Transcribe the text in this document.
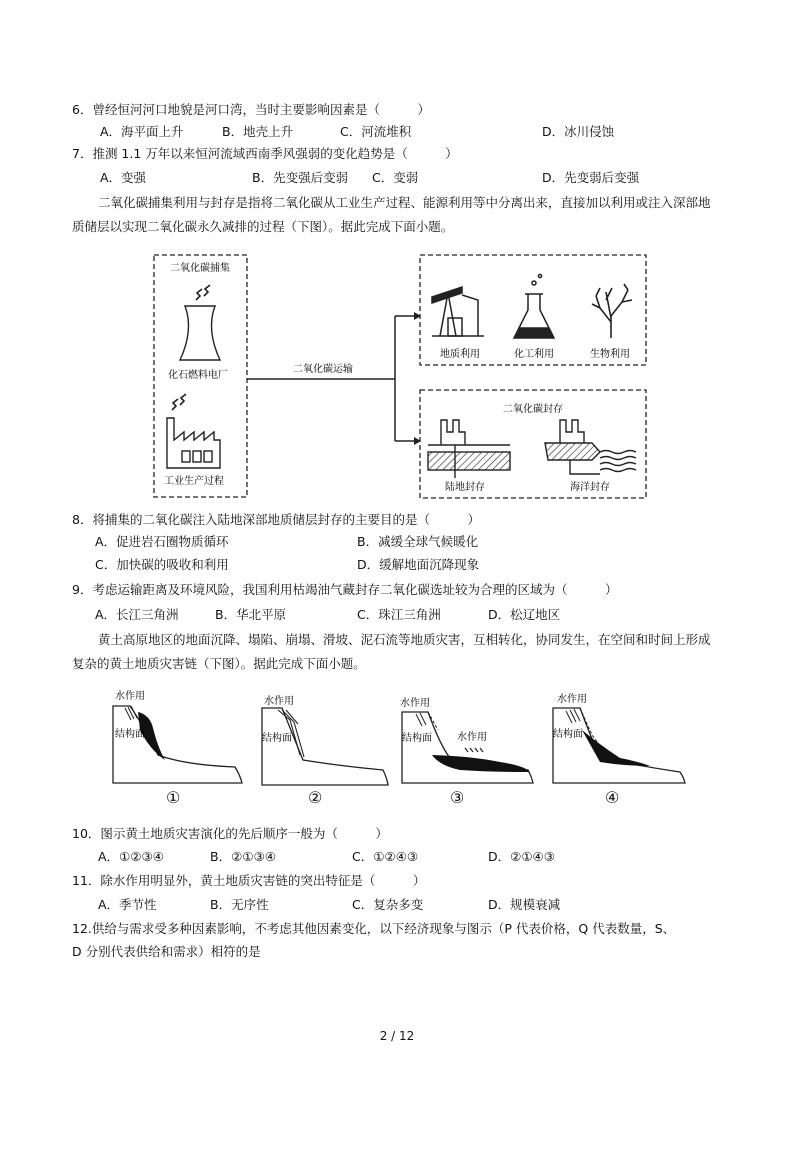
6．曾经恒河河口地貌是河口湾，当时主要影响因素是（　　　）
A．海平面上升	B．地壳上升	C．河流堆积	D．冰川侵蚀
7．推测 1.1 万年以来恒河流域西南季风强弱的变化趋势是（　　　）
A．变强	B．先变强后变弱 C．变弱	D．先变弱后变强
二氧化碳捕集利用与封存是指将二氧化碳从工业生产过程、能源利用等中分离出来，直接加以利用或注入深部地质储层以实现二氧化碳永久减排的过程（下图）。据此完成下面小题。
二氧化碳捕集
化石燃料电厂
工业生产过程
二氧化碳运输
地质利用	化工利用	生物利用
二氧化碳封存
陆地封存	海洋封存
8．将捕集的二氧化碳注入陆地深部地质储层封存的主要目的是（　　　）
A．促进岩石圈物质循环	B．减缓全球气候暖化
C．加快碳的吸收和利用	D．缓解地面沉降现象
9．考虑运输距离及环境风险，我国利用枯竭油气藏封存二氧化碳选址较为合理的区域为（　　　）
A．长江三角洲	B．华北平原	C．珠江三角洲	D．松辽地区
黄土高原地区的地面沉降、塌陷、崩塌、滑坡、泥石流等地质灾害，互相转化，协同发生，在空间和时间上形成复杂的黄土地质灾害链（下图）。据此完成下面小题。
水作用
结构面
水作用
结构面
水作用
水作用
结构面
水作用
结构面
①	②	③	④
10．图示黄土地质灾害演化的先后顺序一般为（　　　）
A．①②③④	B．②①③④	C．①②④③	D．②①④③
11．除水作用明显外，黄土地质灾害链的突出特征是（　　　）
A．季节性	B．无序性	C．复杂多变	D．规模衰减
12.供给与需求受多种因素影响，不考虑其他因素变化，以下经济现象与图示（P 代表价格，Q 代表数量，S、
D 分别代表供给和需求）相符的是
2 / 12
